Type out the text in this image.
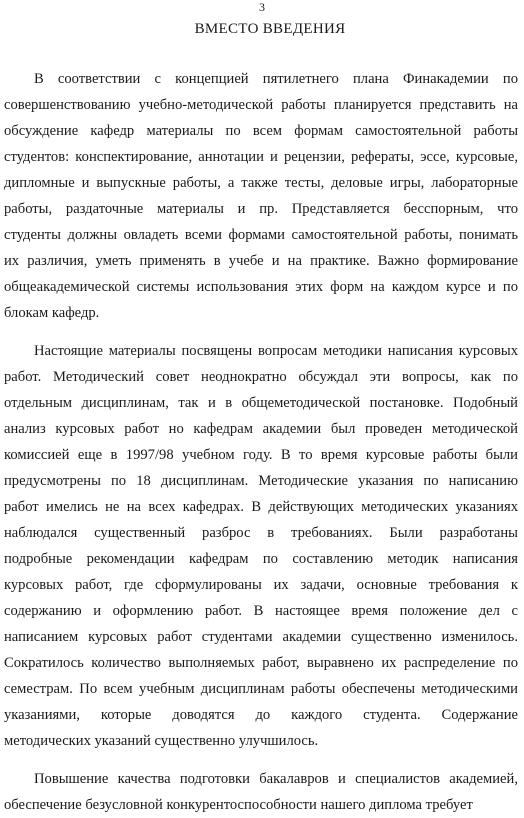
3
ВМЕСТО ВВЕДЕНИЯ
В соответствии с концепцией пятилетнего плана Финакадемии по
совершенствованию учебно-методической работы планируется представить на
обсуждение кафедр материалы по всем формам самостоятельной работы
студентов: конспектирование, аннотации и рецензии, рефераты, эссе, курсовые,
дипломные и выпускные работы, а также тесты, деловые игры, лабораторные
работы, раздаточные материалы и пр. Представляется бесспорным, что
студенты должны овладеть всеми формами самостоятельной работы, понимать
их различия, уметь применять в учебе и на практике. Важно формирование
общеакадемической системы использования этих форм на каждом курсе и по
блокам кафедр.
Настоящие материалы посвящены вопросам методики написания курсовых
работ. Методический совет неоднократно обсуждал эти вопросы, как по
отдельным дисциплинам, так и в общеметодической постановке. Подобный
анализ курсовых работ но кафедрам академии был проведен методической
комиссией еще в 1997/98 учебном году. В то время курсовые работы были
предусмотрены по 18 дисциплинам. Методические указания по написанию
работ имелись не на всех кафедрах. В действующих методических указаниях
наблюдался существенный разброс в требованиях. Были разработаны
подробные рекомендации кафедрам по составлению методик написания
курсовых работ, где сформулированы их задачи, основные требования к
содержанию и оформлению работ. В настоящее время положение дел с
написанием курсовых работ студентами академии существенно изменилось.
Сократилось количество выполняемых работ, выравнено их распределение по
семестрам. По всем учебным дисциплинам работы обеспечены методическими
указаниями, которые доводятся до каждого студента. Содержание
методических указаний существенно улучшилось.
Повышение качества подготовки бакалавров и специалистов академией,
обеспечение безусловной конкурентоспособности нашего диплома требует
